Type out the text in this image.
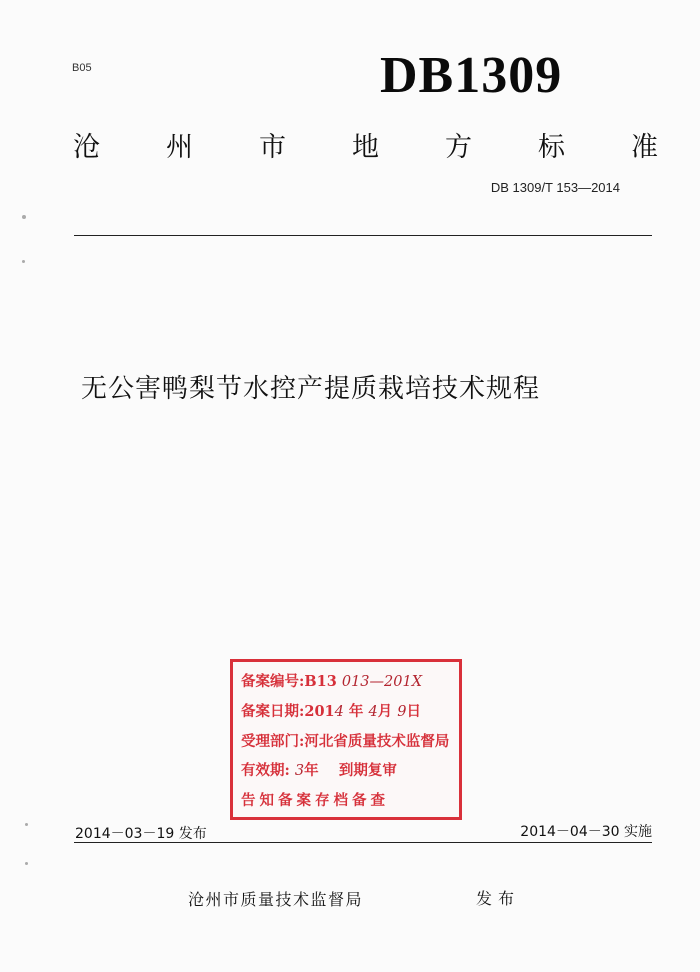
B05	DB1309
沧 州 市 地 方 标 准
DB 1309/T 153—2014
无公害鸭梨节水控产提质栽培技术规程
备案编号:B13 013—201X
备案日期:2014 年 4月 9日
受理部门:河北省质量技术监督局
有效期: 3年 到期复审
告知备案存档备查
2014－03－19 发布	2014－04－30 实施
沧州市质量技术监督局	发布
